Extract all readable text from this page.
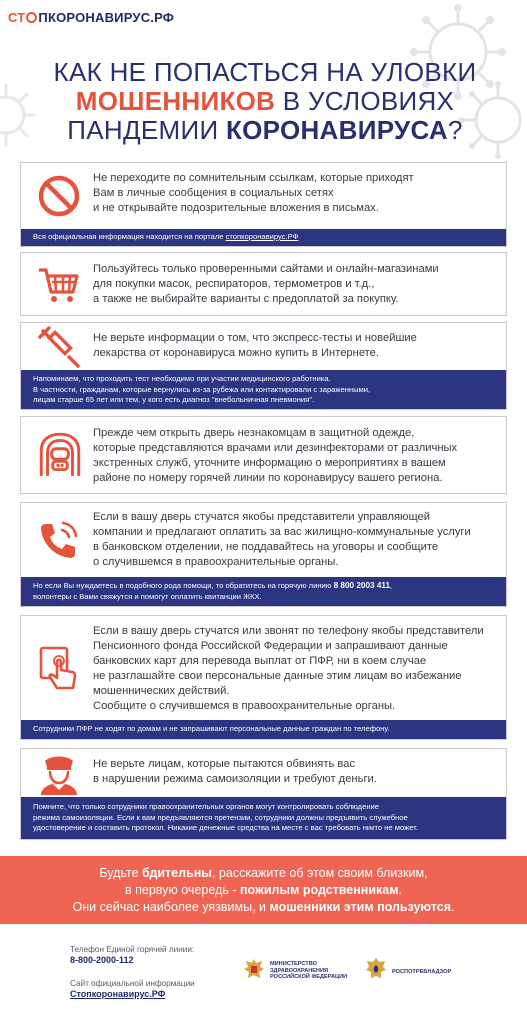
СТ ПКОРОНАВИРУС.РФ
КАК НЕ ПОПАСТЬСЯ НА УЛОВКИ
МОШЕННИКОВ В УСЛОВИЯХ
ПАНДЕМИИ КОРОНАВИРУСА?
Не переходите по сомнительным ссылкам, которые приходят
Вам в личные сообщения в социальных сетях
и не открывайте подозрительные вложения в письмах.
Вся официальная информация находится на портале стопкоронавирус.РФ
Пользуйтесь только проверенными сайтами и онлайн-магазинами
для покупки масок, респираторов, термометров и т.д.,
а также не выбирайте варианты с предоплатой за покупку.
Не верьте информации о том, что экспресс-тесты и новейшие
лекарства от коронавируса можно купить в Интернете.
Напоминаем, что проходить тест необходимо при участии медицинского работника.
В частности, гражданам, которые вернулись из-за рубежа или контактировали с зараженными,
лицам старше 65 лет или тем, у кого есть диагноз "внебольничная пневмония".
Прежде чем открыть дверь незнакомцам в защитной одежде,
которые представляются врачами или дезинфекторами от различных
экстренных служб, уточните информацию о мероприятиях в вашем
районе по номеру горячей линии по коронавирусу вашего региона.
Если в вашу дверь стучатся якобы представители управляющей
компании и предлагают оплатить за вас жилищно-коммунальные услуги
в банковском отделении, не поддавайтесь на уговоры и сообщите
о случившемся в правоохранительные органы.
Но если Вы нуждаетесь в подобного рода помощи, то обратитесь на горячую линию 8 800 2003 411,
волонтеры с Вами свяжутся и помогут оплатить квитанции ЖКХ.
Если в вашу дверь стучатся или звонят по телефону якобы представители
Пенсионного фонда Российской Федерации и запрашивают данные
банковских карт для перевода выплат от ПФР, ни в коем случае
не разглашайте свои персональные данные этим лицам во избежание
мошеннических действий.
Сообщите о случившемся в правоохранительные органы.
Сотрудники ПФР не ходят по домам и не запрашивают персональные данные граждан по телефону.
Не верьте лицам, которые пытаются обвинять вас
в нарушении режима самоизоляции и требуют деньги.
Помните, что только сотрудники правоохранительных органов могут контролировать соблюдение
режима самоизоляции. Если к вам предъявляются претензии, сотрудники должны предъявить служебное
удостоверение и составить протокол. Никакие денежные средства на месте с вас требовать никто не может.
Будьте бдительны, расскажите об этом своим близким,
в первую очередь - пожилым родственникам.
Они сейчас наиболее уязвимы, и мошенники этим пользуются.
Телефон Единой горячей линии:
8-800-2000-112
Сайт официальной информации
Стопкоронавирус.РФ
МИНИСТЕРСТВО
ЗДРАВООХРАНЕНИЯ
РОССИЙСКОЙ ФЕДЕРАЦИИ
РОСПОТРЕБНАДЗОР
